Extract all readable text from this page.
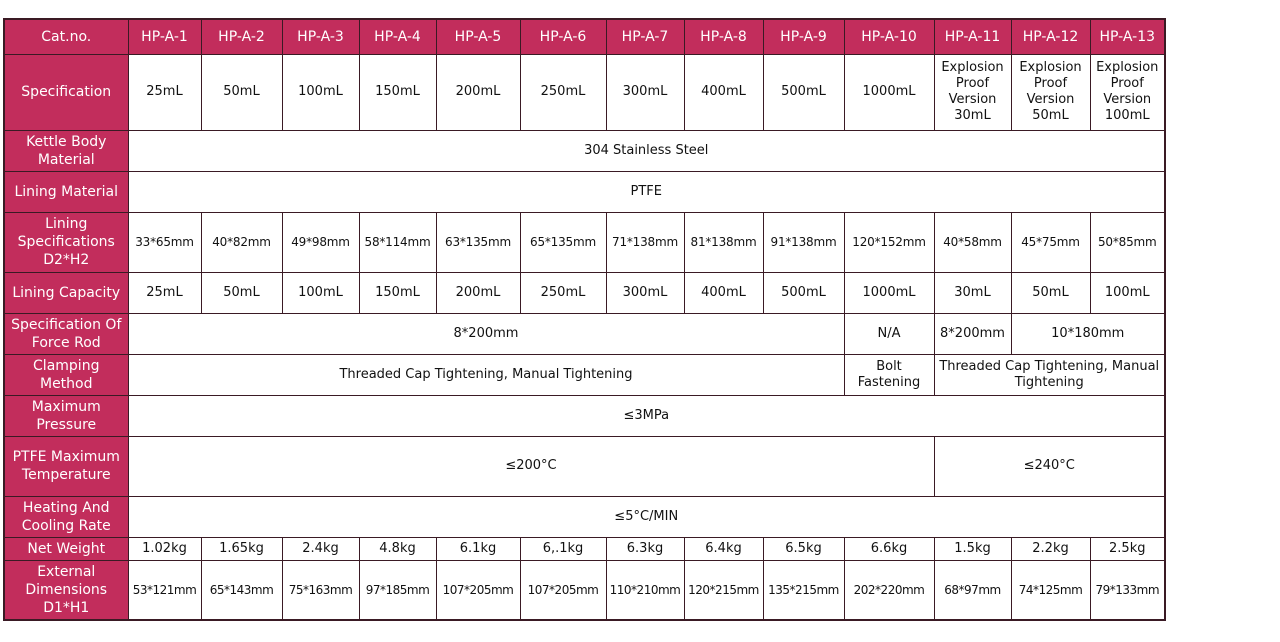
Cat.no.	HP-A-1	HP-A-2	HP-A-3	HP-A-4	HP-A-5	HP-A-6	HP-A-7	HP-A-8	HP-A-9	HP-A-10	HP-A-11	HP-A-12	HP-A-13
Specification	25mL	50mL	100mL	150mL	200mL	250mL	300mL	400mL	500mL	1000mL	Explosion Proof Version 30mL	Explosion Proof Version 50mL	Explosion Proof Version 100mL
Kettle Body Material	304 Stainless Steel												
Lining Material	PTFE												
Lining Specifications D2*H2	33*65mm	40*82mm	49*98mm	58*114mm	63*135mm	65*135mm	71*138mm	81*138mm	91*138mm	120*152mm	40*58mm	45*75mm	50*85mm
Lining Capacity	25mL	50mL	100mL	150mL	200mL	250mL	300mL	400mL	500mL	1000mL	30mL	50mL	100mL
Specification Of Force Rod	8*200mm									N/A	8*200mm	10*180mm	
Clamping Method	Threaded Cap Tightening, Manual Tightening									Bolt Fastening	Threaded Cap Tightening, Manual Tightening		
Maximum Pressure	≤3MPa												
PTFE Maximum Temperature	≤200°C										≤240°C		
Heating And Cooling Rate	≤5°C/MIN												
Net Weight	1.02kg	1.65kg	2.4kg	4.8kg	6.1kg	6,.1kg	6.3kg	6.4kg	6.5kg	6.6kg	1.5kg	2.2kg	2.5kg
External Dimensions D1*H1	53*121mm	65*143mm	75*163mm	97*185mm	107*205mm	107*205mm	110*210mm	120*215mm	135*215mm	202*220mm	68*97mm	74*125mm	79*133mm
